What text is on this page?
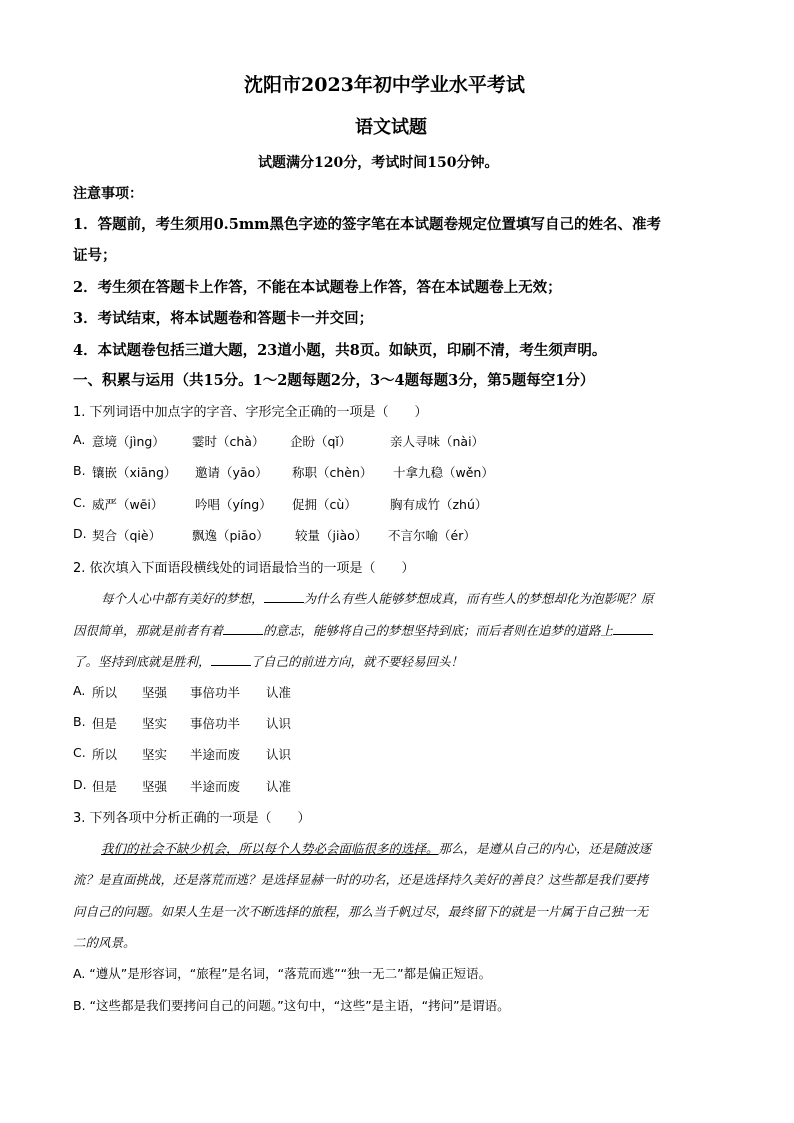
沈阳市2023年初中学业水平考试
语文试题
试题满分120分，考试时间150分钟。
注意事项：
1．答题前，考生须用0.5mm黑色字迹的签字笔在本试题卷规定位置填写自己的姓名、准考
证号；
2．考生须在答题卡上作答，不能在本试题卷上作答，答在本试题卷上无效；
3．考试结束，将本试题卷和答题卡一并交回；
4．本试题卷包括三道大题，23道小题，共8页。如缺页，印刷不清，考生须声明。
一、积累与运用（共15分。1～2题每题2分，3～4题每题3分，第5题每空1分）
1. 下列词语中加点字的字音、字形完全正确的一项是（　　）
A. 意境（jìng） 霎时（chà） 企盼（qǐ）	亲人寻味（nài）
B. 镶嵌（xiāng） 邀请（yāo） 称职（chèn） 十拿九稳（wěn）
C. 威严（wēi）	吟唱（yíng） 促拥（cù）	胸有成竹（zhú）
D. 契合（qiè） 飘逸（piāo） 较量（jiào） 不言尔喻（ér）
2. 依次填入下面语段横线处的词语最恰当的一项是（　　）
每个人心中都有美好的梦想，	为什么有些人能够梦想成真，而有些人的梦想却化为泡影呢？原
因很简单，那就是前者有着	的意志，能够将自己的梦想坚持到底；而后者则在追梦的道路上
了。坚持到底就是胜利，	了自己的前进方向，就不要轻易回头！
A. 所以 坚强 事倍功半 认准
B. 但是 坚实 事倍功半 认识
C. 所以 坚实 半途而废 认识
D. 但是 坚强 半途而废 认准
3. 下列各项中分析正确的一项是（　　）
我们的社会不缺少机会，所以每个人势必会面临很多的选择。那么，是遵从自己的内心，还是随波逐
流？是直面挑战，还是落荒而逃？是选择显赫一时的功名，还是选择持久美好的善良？这些都是我们要拷
问自己的问题。如果人生是一次不断选择的旅程，那么当千帆过尽，最终留下的就是一片属于自己独一无
二的风景。
A. “遵从”是形容词，“旅程”是名词，“落荒而逃”“独一无二”都是偏正短语。
B. “这些都是我们要拷问自己的问题。”这句中，“这些”是主语，“拷问”是谓语。
